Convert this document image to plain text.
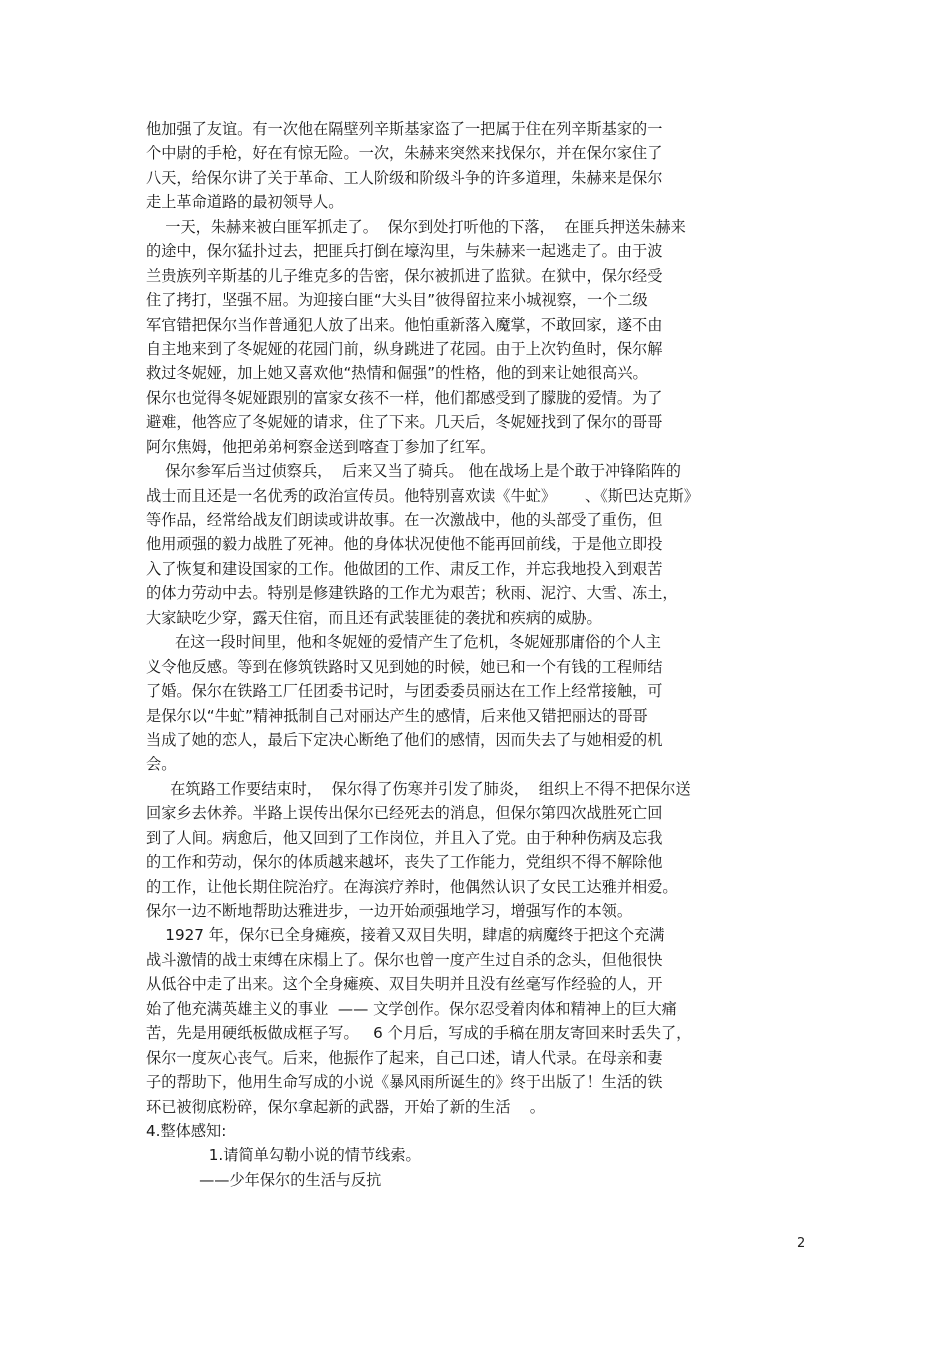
他加强了友谊。有一次他在隔壁列辛斯基家盗了一把属于住在列辛斯基家的一
个中尉的手枪，好在有惊无险。一次，朱赫来突然来找保尔，并在保尔家住了
八天，给保尔讲了关于革命、工人阶级和阶级斗争的许多道理，朱赫来是保尔
走上革命道路的最初领导人。
一天，朱赫来被白匪军抓走了。  保尔到处打听他的下落，  在匪兵押送朱赫来
的途中，保尔猛扑过去，把匪兵打倒在壕沟里，与朱赫来一起逃走了。由于波
兰贵族列辛斯基的儿子维克多的告密，保尔被抓进了监狱。在狱中，保尔经受
住了拷打，坚强不屈。为迎接白匪“大头目”彼得留拉来小城视察，一个二级
军官错把保尔当作普通犯人放了出来。他怕重新落入魔掌，不敢回家，遂不由
自主地来到了冬妮娅的花园门前，纵身跳进了花园。由于上次钓鱼时，保尔解
救过冬妮娅，加上她又喜欢他“热情和倔强”的性格，他的到来让她很高兴。
保尔也觉得冬妮娅跟别的富家女孩不一样，他们都感受到了朦胧的爱情。为了
避难，他答应了冬妮娅的请求，住了下来。几天后，冬妮娅找到了保尔的哥哥
阿尔焦姆，他把弟弟柯察金送到喀查丁参加了红军。
保尔参军后当过侦察兵，  后来又当了骑兵。 他在战场上是个敢于冲锋陷阵的
战士而且还是一名优秀的政治宣传员。他特别喜欢读《牛虻》      、《斯巴达克斯》
等作品，经常给战友们朗读或讲故事。在一次激战中，他的头部受了重伤，但
他用顽强的毅力战胜了死神。他的身体状况使他不能再回前线，于是他立即投
入了恢复和建设国家的工作。他做团的工作、肃反工作，并忘我地投入到艰苦
的体力劳动中去。特别是修建铁路的工作尤为艰苦；秋雨、泥泞、大雪、冻土，
大家缺吃少穿，露天住宿，而且还有武装匪徒的袭扰和疾病的威胁。
在这一段时间里，他和冬妮娅的爱情产生了危机，冬妮娅那庸俗的个人主
义令他反感。等到在修筑铁路时又见到她的时候，她已和一个有钱的工程师结
了婚。保尔在铁路工厂任团委书记时，与团委委员丽达在工作上经常接触，可
是保尔以“牛虻”精神抵制自己对丽达产生的感情，后来他又错把丽达的哥哥
当成了她的恋人，最后下定决心断绝了他们的感情，因而失去了与她相爱的机
会。
在筑路工作要结束时，  保尔得了伤寒并引发了肺炎，  组织上不得不把保尔送
回家乡去休养。半路上误传出保尔已经死去的消息，但保尔第四次战胜死亡回
到了人间。病愈后，他又回到了工作岗位，并且入了党。由于种种伤病及忘我
的工作和劳动，保尔的体质越来越坏，丧失了工作能力，党组织不得不解除他
的工作，让他长期住院治疗。在海滨疗养时，他偶然认识了女民工达雅并相爱。
保尔一边不断地帮助达雅进步，一边开始顽强地学习，增强写作的本领。
1927 年，保尔已全身瘫痪，接着又双目失明，肆虐的病魔终于把这个充满
战斗激情的战士束缚在床榻上了。保尔也曾一度产生过自杀的念头，但他很快
从低谷中走了出来。这个全身瘫痪、双目失明并且没有丝毫写作经验的人，开
始了他充满英雄主义的事业  —— 文学创作。保尔忍受着肉体和精神上的巨大痛
苦，先是用硬纸板做成框子写。   6 个月后，写成的手稿在朋友寄回来时丢失了，
保尔一度灰心丧气。后来，他振作了起来，自己口述，请人代录。在母亲和妻
子的帮助下，他用生命写成的小说《暴风雨所诞生的》终于出版了！生活的铁
环已被彻底粉碎，保尔拿起新的武器，开始了新的生活    。
4.整体感知:
1.请简单勾勒小说的情节线索。
——少年保尔的生活与反抗
2
